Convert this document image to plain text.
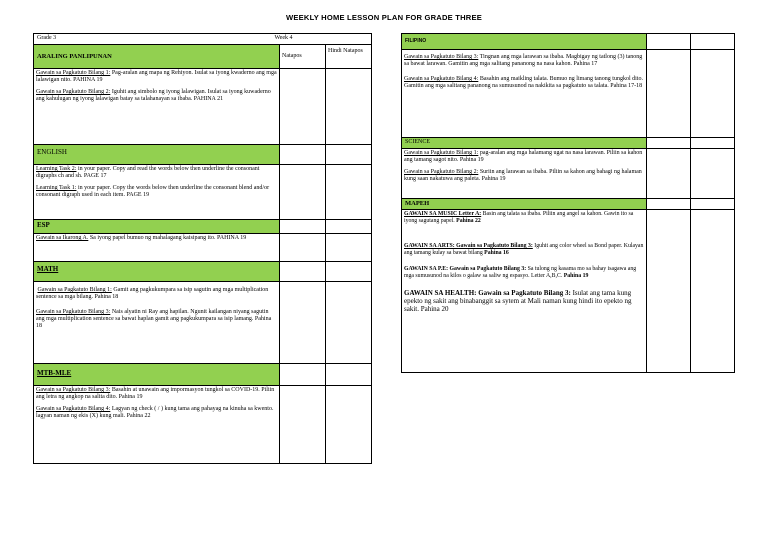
WEEKLY HOME LESSON PLAN FOR GRADE THREE
Grade 3 Week 4		

ARALING PANLIPUNAN	Natapos	Hindi Natapos

Gawain sa Pagkatuto Bilang 1: Pag-aralan ang mapa ng Rehiyon. Isulat sa iyong kwaderno ang mga lalawigan nito. PAHINA 19

Gawain sa Pagkatuto Bilang 2: Iguhit ang simbolo ng iyong lalawigan. Isulat sa iyong kuwaderno ang kahulugan ng iyong lalawigan batay sa talahanayan sa ibaba. PAHINA 21		

ENGLISH		

Learning Task 2: in your paper. Copy and read the words below then underline the consonant digraphs ch and sh. PAGE 17

Learning Task 1: in your paper. Copy the words below then underline the consonant blend and/or consonant digraph used in each item. PAGE 19		

ESP		

Gawain sa Ikarong A. Sa iyong papel bumuo ng mahalagang kaisipang ito. PAHINA 19		

MATH		

Gawain sa Pagkatuto Bilang 1: Gamit ang pagkukumpara sa isip sagutin ang mga multiplication sentence sa mga bilang. Pahina 18

Gawain sa Pagkatuto Bilang 3: Nais alyatin ni Ray ang hapilan. Ngunit kailangan niyang sagutin ang mga multiplication sentence sa bawat haplan gamit ang pagkukumpara sa isip lamang. Pahina 18		

MTB-MLE		

Gawain sa Pagkatuto Bilang 3: Basahin at unawain ang impormasyon tungkol sa COVID-19. Piliin ang letra ng angkop na salita dito. Pahina 19

Gawain sa Pagkatuto Bilang 4: Lagyan ng check ( / ) kung tama ang pahayag na kinuha sa kwento. lagyan naman ng ekis (X) kung mali. Pahina 22		

FILIPINO		

Gawain sa Pagkatuto Bilang 3: Tingnan ang mga larawan sa ibaba. Magbigay ng tatlong (3) tanong sa bawat larawan. Gamitin ang mga salitang pananong na nasa kahon. Pahina 17

Gawain sa Pagkatuto Bilang 4: Basahin ang maikling talata. Bumuo ng limang tanong tungkol dito. Gamitin ang mga salitang pananong na sumusunod na nakikita sa pagkatuto sa talata. Pahina 17-18		

SCIENCE		

Gawain sa Pagkatuto Bilang 1: pag-aralan ang mga halamang ugat na nasa larawan. Piliin sa kahon ang tamang sagot nito. Pahina 19

Gawain sa Pagkatuto Bilang 2: Suriin ang larawan sa ibaba. Piliin sa kahon ang bahagi ng halaman kung saan nakatuwa ang paleta. Pahina 19		

MAPEH		

GAWAIN SA MUSIC Letter A: Basin ang talata sa ibaba. Piliin ang angel sa kahon. Gawin ito sa iyong sagutang papel. Pahina 22

GAWAIN SA ARTS: Gawain sa Pagkatuto Bilang 3: Iguhit ang color wheel sa Bond paper. Kulayan ang tamang kulay sa bawat bilang Pahina 16

GAWAIN SA P.E: Gawain sa Pagkatuto Bilang 3: Sa tulong ng kasama mo sa bahay isagawa ang mga sumusunod na kilos o galaw sa saliw ng espasyo. Letter A,B,C. Pahina 19

GAWAIN SA HEALTH: Gawain sa Pagkatuto Bilang 3: Isulat ang tama kung epekto ng sakit ang binabanggit sa sytem at Mali naman kung hindi ito epekto ng sakit. Pahina 20		
